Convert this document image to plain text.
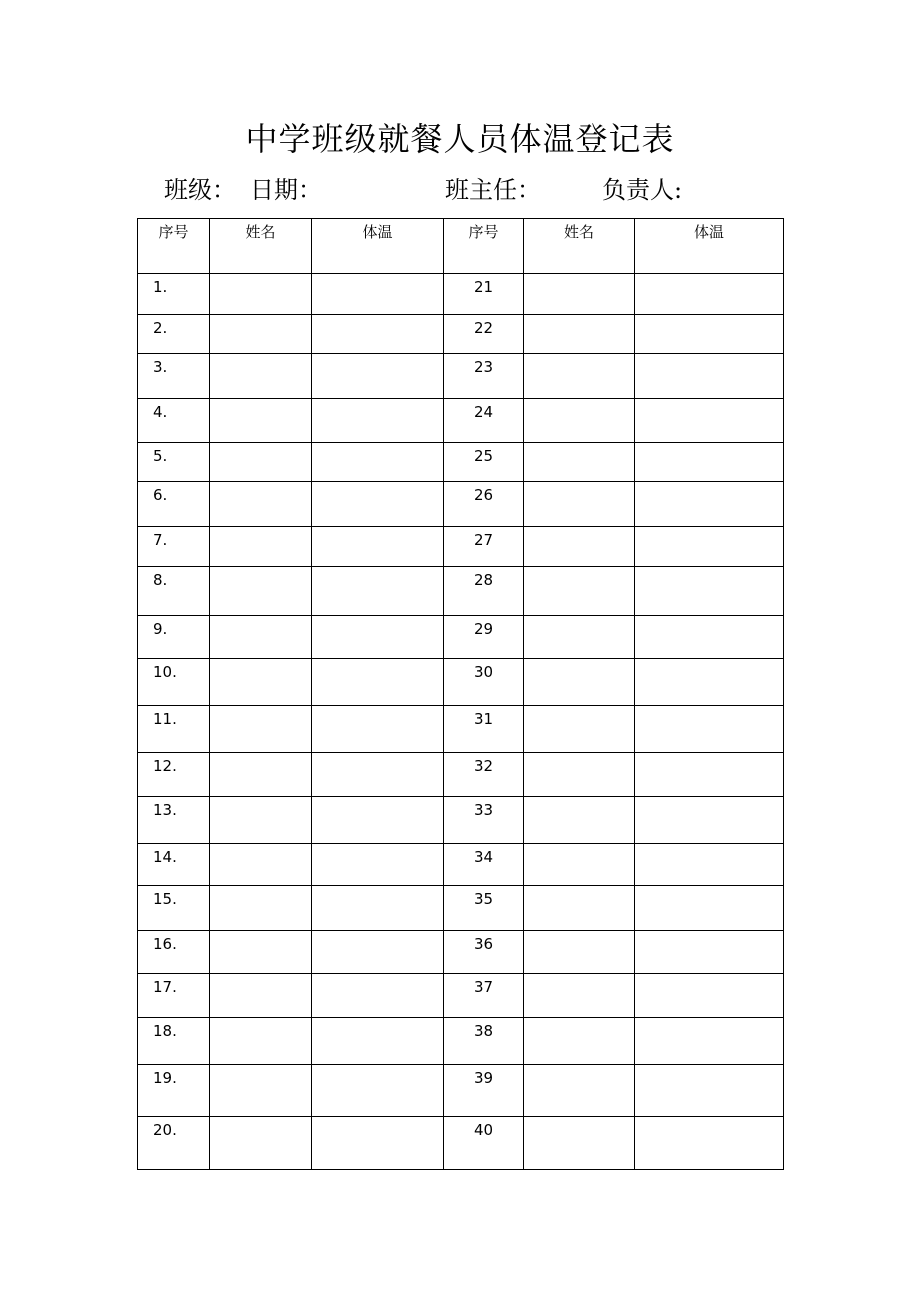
中学班级就餐人员体温登记表
班级： 日期：	班主任：	负责人:
序号	姓名	体温	序号	姓名	体温
1.			21		
2.			22		
3.			23		
4.			24		
5.			25		
6.			26		
7.			27		
8.			28		
9.			29		
10.			30		
11.			31		
12.			32		
13.			33		
14.			34		
15.			35		
16.			36		
17.			37		
18.			38		
19.			39		
20.			40		
